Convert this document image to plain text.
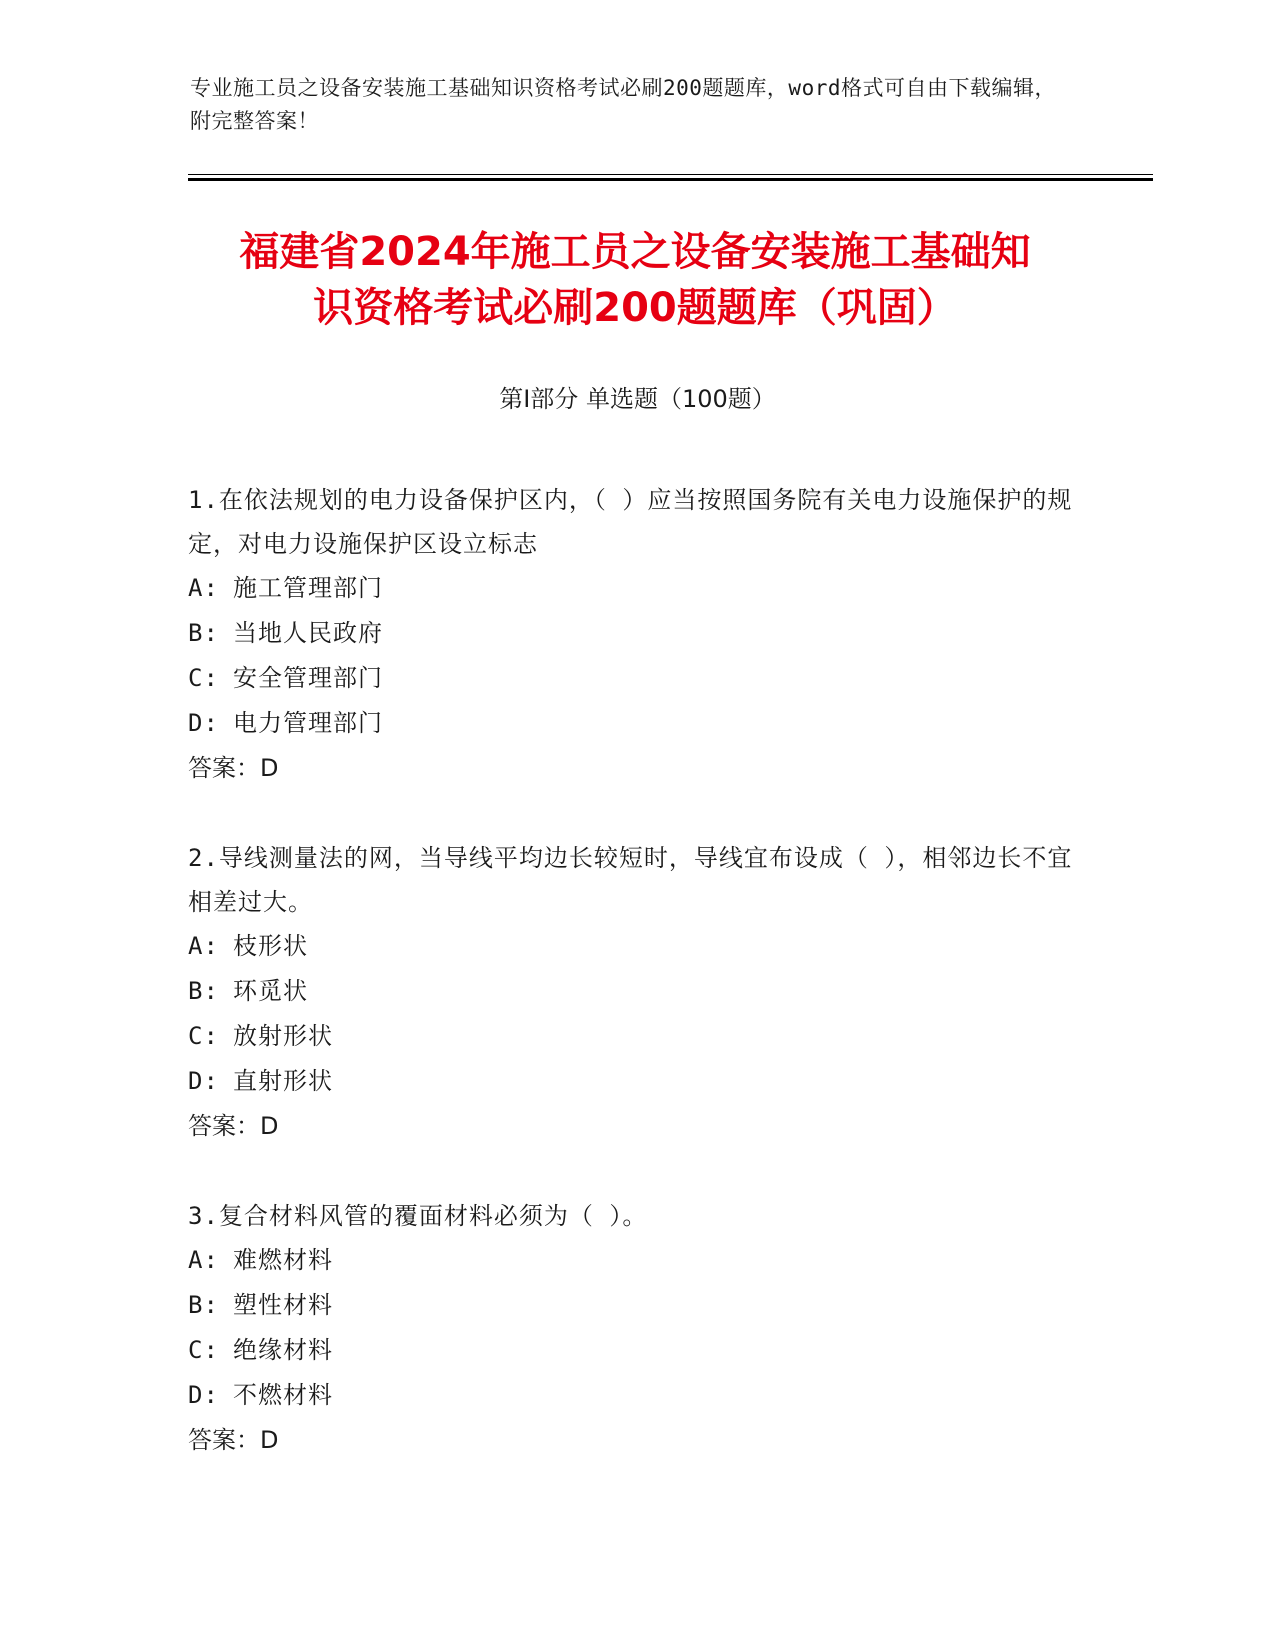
专业施工员之设备安装施工基础知识资格考试必刷200题题库，word格式可自由下载编辑，附完整答案！
福建省2024年施工员之设备安装施工基础知
识资格考试必刷200题题库（巩固）
第I部分 单选题（100题）
1.在依法规划的电力设备保护区内，（ ）应当按照国务院有关电力设施保护的规定，对电力设施保护区设立标志
A: 施工管理部门
B: 当地人民政府
C: 安全管理部门
D: 电力管理部门
答案：D
2.导线测量法的网，当导线平均边长较短时，导线宜布设成（ ），相邻边长不宜相差过大。
A: 枝形状
B: 环觅状
C: 放射形状
D: 直射形状
答案：D
3.复合材料风管的覆面材料必须为（ ）。
A: 难燃材料
B: 塑性材料
C: 绝缘材料
D: 不燃材料
答案：D
